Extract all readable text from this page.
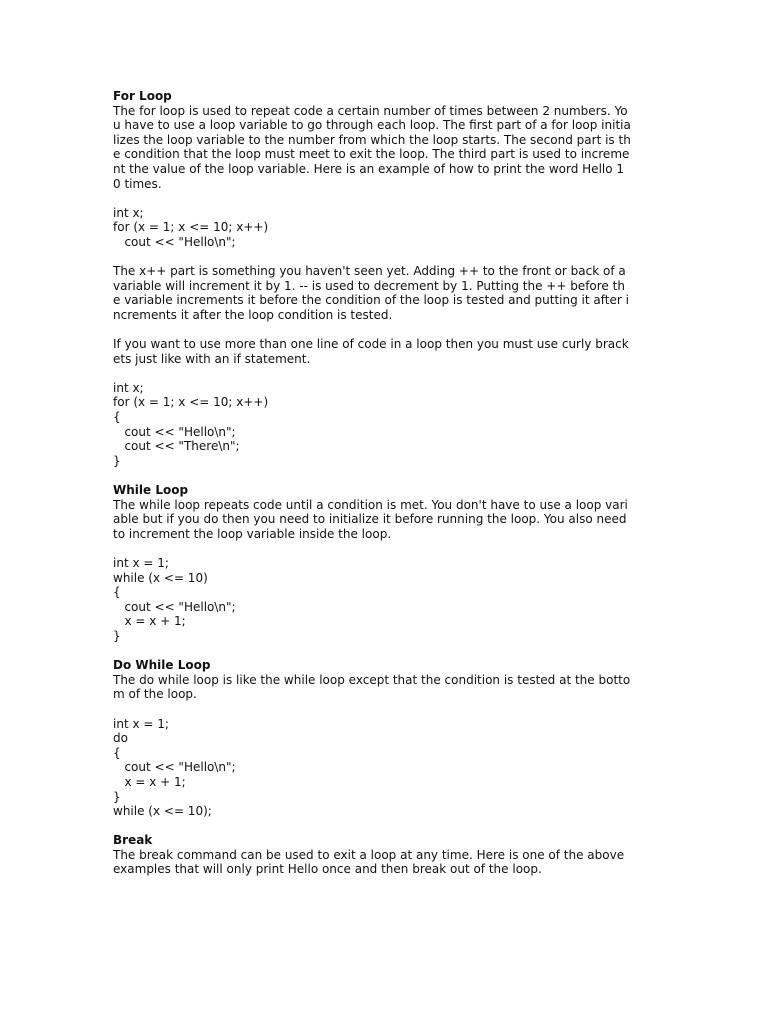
For Loop
The for loop is used to repeat code a certain number of times between 2 numbers. Yo
u have to use a loop variable to go through each loop. The first part of a for loop initia
lizes the loop variable to the number from which the loop starts. The second part is th
e condition that the loop must meet to exit the loop. The third part is used to increme
nt the value of the loop variable. Here is an example of how to print the word Hello 1
0 times.
int x;
for (x = 1; x <= 10; x++)
cout << "Hello\n";
The x++ part is something you haven't seen yet. Adding ++ to the front or back of a
variable will increment it by 1. -- is used to decrement by 1. Putting the ++ before th
e variable increments it before the condition of the loop is tested and putting it after i
ncrements it after the loop condition is tested.
If you want to use more than one line of code in a loop then you must use curly brack
ets just like with an if statement.
int x;
for (x = 1; x <= 10; x++)
{
cout << "Hello\n";
cout << "There\n";
}
While Loop
The while loop repeats code until a condition is met. You don't have to use a loop vari
able but if you do then you need to initialize it before running the loop. You also need
to increment the loop variable inside the loop.
int x = 1;
while (x <= 10)
{
cout << "Hello\n";
x = x + 1;
}
Do While Loop
The do while loop is like the while loop except that the condition is tested at the botto
m of the loop.
int x = 1;
do
{
cout << "Hello\n";
x = x + 1;
}
while (x <= 10);
Break
The break command can be used to exit a loop at any time. Here is one of the above
examples that will only print Hello once and then break out of the loop.
